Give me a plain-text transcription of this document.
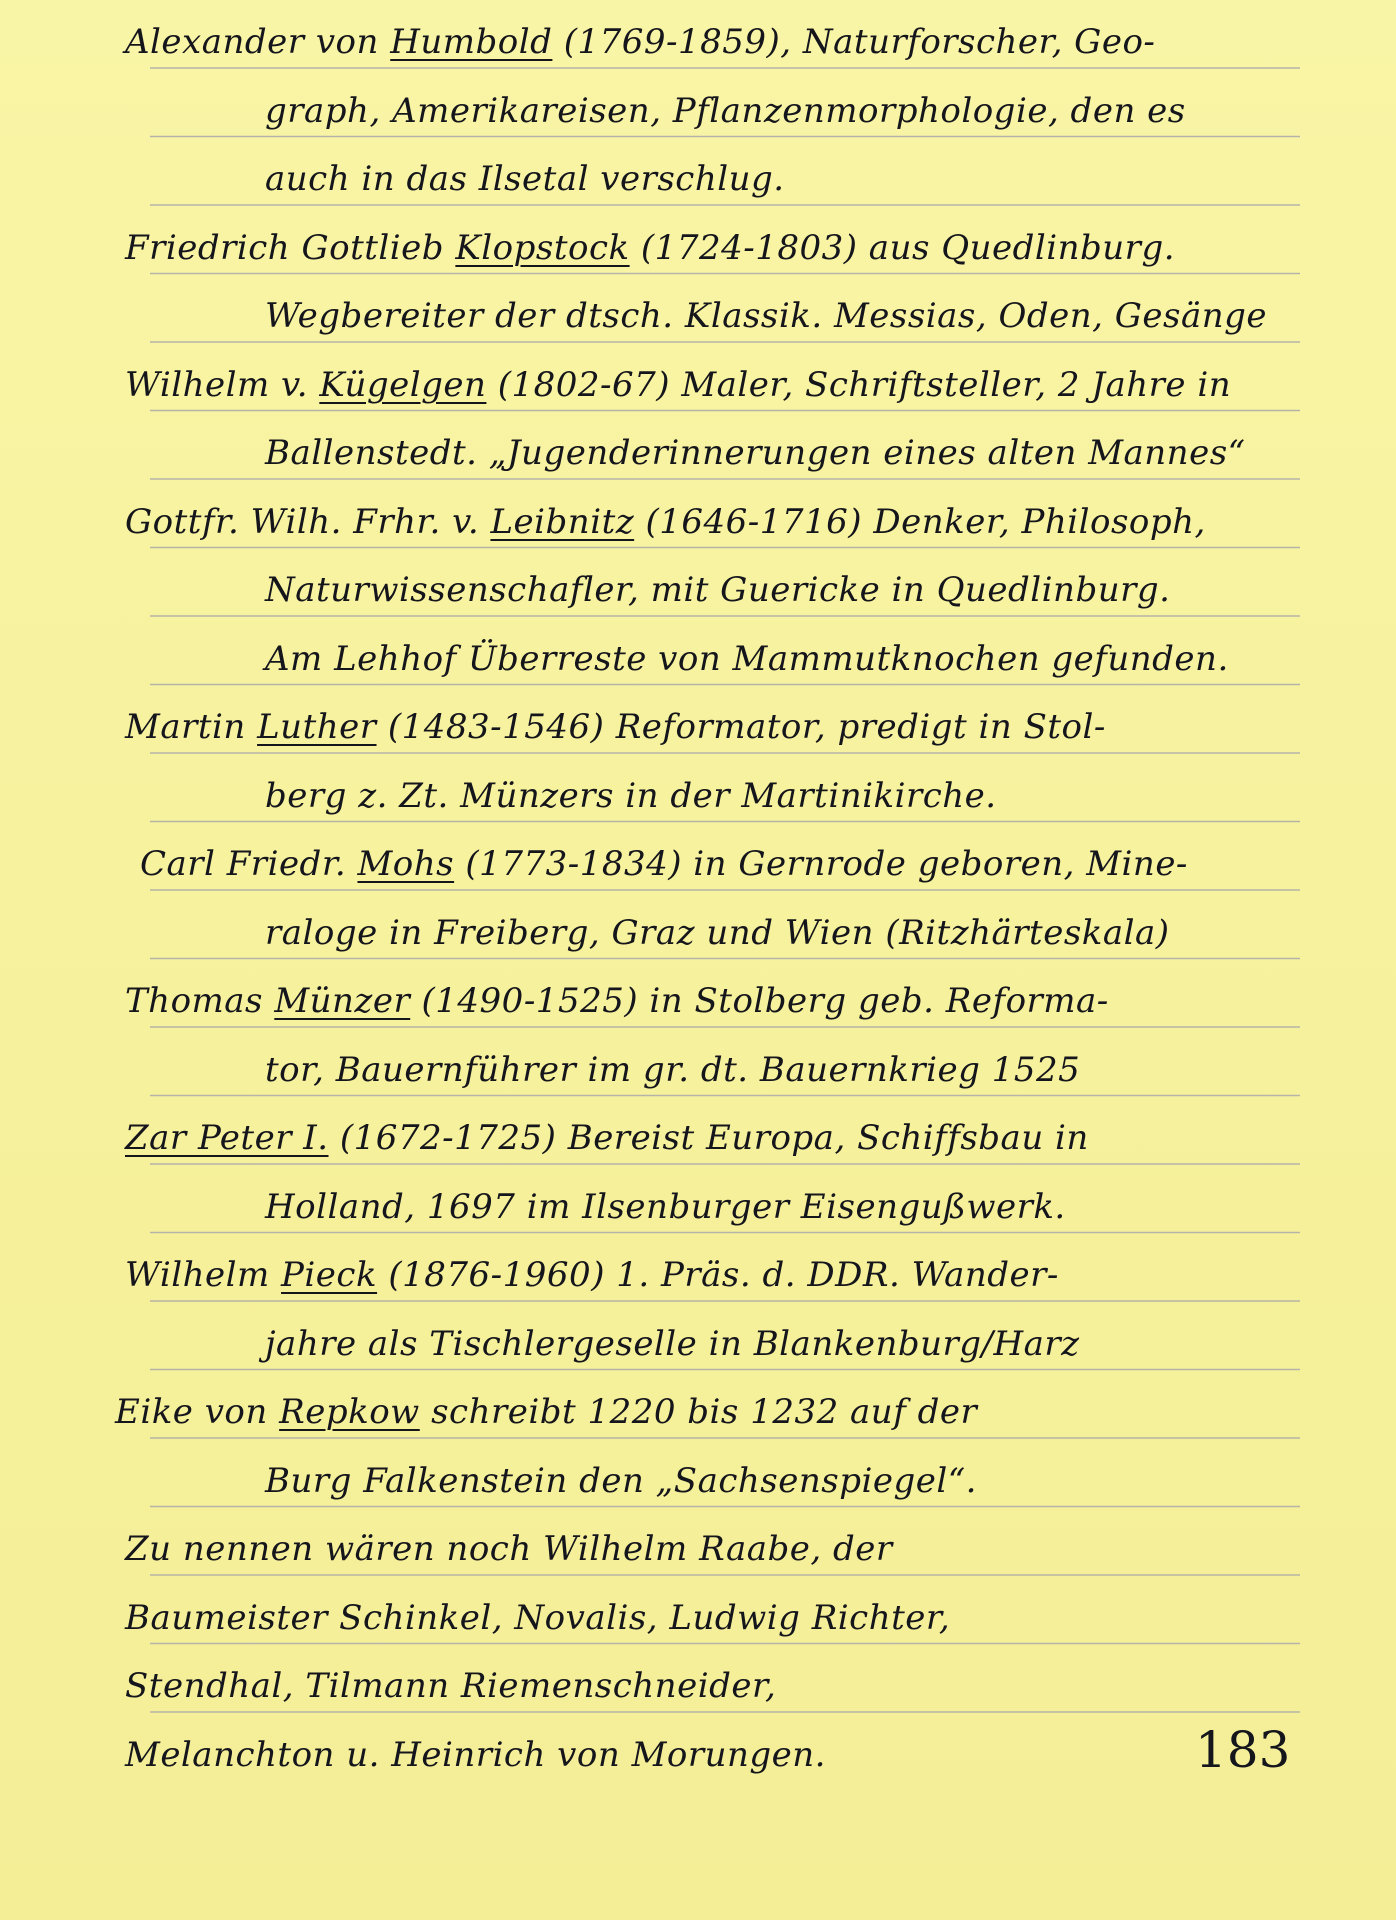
Alexander von Humbold (1769-1859), Naturforscher, Geo-
graph, Amerikareisen, Pflanzenmorphologie, den es
auch in das Ilsetal verschlug.
Friedrich Gottlieb Klopstock (1724-1803) aus Quedlinburg.
Wegbereiter der dtsch. Klassik. Messias, Oden, Gesänge
Wilhelm v. Kügelgen (1802-67) Maler, Schriftsteller, 2 Jahre in
Ballenstedt. „Jugenderinnerungen eines alten Mannes“
Gottfr. Wilh. Frhr. v. Leibnitz (1646-1716) Denker, Philosoph,
Naturwissenschafler, mit Guericke in Quedlinburg.
Am Lehhof Überreste von Mammutknochen gefunden.
Martin Luther (1483-1546) Reformator, predigt in Stol-
berg z. Zt. Münzers in der Martinikirche.
Carl Friedr. Mohs (1773-1834) in Gernrode geboren, Mine-
raloge in Freiberg, Graz und Wien (Ritzhärteskala)
Thomas Münzer (1490-1525) in Stolberg geb. Reforma-
tor, Bauernführer im gr. dt. Bauernkrieg 1525
Zar Peter I. (1672-1725) Bereist Europa, Schiffsbau in
Holland, 1697 im Ilsenburger Eisengußwerk.
Wilhelm Pieck (1876-1960) 1. Präs. d. DDR. Wander-
jahre als Tischlergeselle in Blankenburg/Harz
Eike von Repkow schreibt 1220 bis 1232 auf der
Burg Falkenstein den „Sachsenspiegel“.
Zu nennen wären noch Wilhelm Raabe, der
Baumeister Schinkel, Novalis, Ludwig Richter,
Stendhal, Tilmann Riemenschneider,
Melanchton u. Heinrich von Morungen.	183
